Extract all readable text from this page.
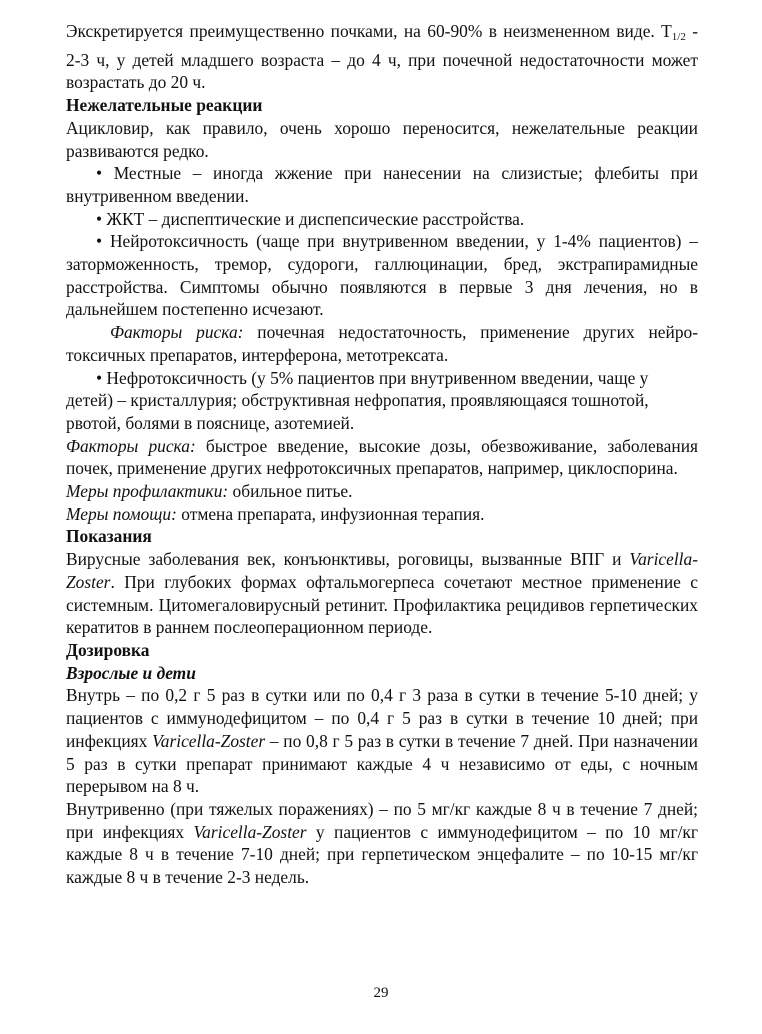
Экскретируется преимущественно почками, на 60-90% в неизмененном виде. $T_{1/2} - 2-3$ ч, у детей младшего возраста – до 4 ч, при почечной недостаточности может возрастать до 20 ч.

Нежелательные реакции

Ацикловир, как правило, очень хорошо переносится, нежелательные реакции развиваются редко.

• Местные – иногда жжение при нанесении на слизистые; флебиты при внутривенном введении.

• ЖКТ – диспептические и диспепсические расстройства.

• Нейротоксичность (чаще при внутривенном введении, у 1-4% пациентов) – заторможенность, тремор, судороги, галлюцинации, бред, экстрапирамидные расстройства. Симптомы обычно появляются в первые 3 дня лечения, но в дальнейшем постепенно исчезают.

Факторы риска: почечная недостаточность, применение других нейро-токсичных препаратов, интерферона, метотрексата.

• Нефротоксичность (у 5% пациентов при внутривенном введении, чаще у детей) – кристаллурия; обструктивная нефропатия, проявляющаяся тошнотой, рвотой, болями в пояснице, азотемией.

Факторы риска: быстрое введение, высокие дозы, обезвоживание, заболевания почек, применение других нефротоксичных препаратов, например, циклоспорина.

Меры профилактики: обильное питье.

Меры помощи: отмена препарата, инфузионная терапия.

Показания

Вирусные заболевания век, конъюнктивы, роговицы, вызванные ВПГ и Varicella-Zoster. При глубоких формах офтальмогерпеса сочетают местное применение с системным. Цитомегаловирусный ретинит. Профилактика рецидивов герпетических кератитов в раннем послеоперационном периоде.

Дозировка
Взрослые и дети

Внутрь – по 0,2 г 5 раз в сутки или по 0,4 г 3 раза в сутки в течение 5-10 дней; у пациентов с иммунодефицитом – по 0,4 г 5 раз в сутки в течение 10 дней; при инфекциях Varicella-Zoster – по 0,8 г 5 раз в сутки в течение 7 дней. При назначении 5 раз в сутки препарат принимают каждые 4 ч независимо от еды, с ночным перерывом на 8 ч.

Внутривенно (при тяжелых поражениях) – по 5 мг/кг каждые 8 ч в течение 7 дней; при инфекциях Varicella-Zoster у пациентов с иммунодефицитом – по 10 мг/кг каждые 8 ч в течение 7-10 дней; при герпетическом энцефалите – по 10-15 мг/кг каждые 8 ч в течение 2-3 недель.

29
